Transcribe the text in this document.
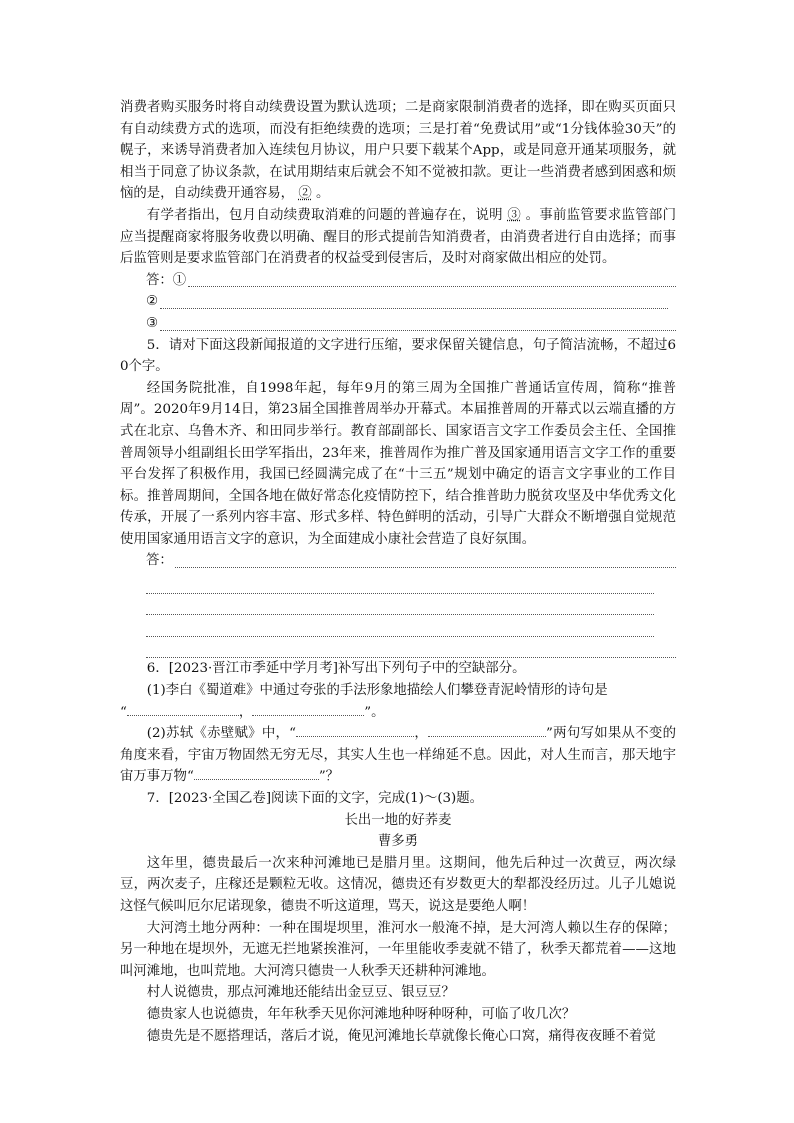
消费者购买服务时将自动续费设置为默认选项；二是商家限制消费者的选择，即在购买页面只有自动续费方式的选项，而没有拒绝续费的选项；三是打着“免费试用”或“1分钱体验30天”的幌子，来诱导消费者加入连续包月协议，用户只要下载某个App，或是同意开通某项服务，就相当于同意了协议条款，在试用期结束后就会不知不觉被扣款。更让一些消费者感到困惑和烦恼的是，自动续费开通容易， ② 。

有学者指出，包月自动续费取消难的问题的普遍存在，说明 ③ 。事前监管要求监管部门应当提醒商家将服务收费以明确、醒目的形式提前告知消费者，由消费者进行自由选择；而事后监管则是要求监管部门在消费者的权益受到侵害后，及时对商家做出相应的处罚。

答：①
②
③

5．请对下面这段新闻报道的文字进行压缩，要求保留关键信息，句子简洁流畅，不超过60个字。

经国务院批准，自1998年起，每年9月的第三周为全国推广普通话宣传周，简称“推普周”。2020年9月14日，第23届全国推普周举办开幕式。本届推普周的开幕式以云端直播的方式在北京、乌鲁木齐、和田同步举行。教育部副部长、国家语言文字工作委员会主任、全国推普周领导小组副组长田学军指出，23年来，推普周作为推广普及国家通用语言文字工作的重要平台发挥了积极作用，我国已经圆满完成了在“十三五”规划中确定的语言文字事业的工作目标。推普周期间，全国各地在做好常态化疫情防控下，结合推普助力脱贫攻坚及中华优秀文化传承，开展了一系列内容丰富、形式多样、特色鲜明的活动，引导广大群众不断增强自觉规范使用国家通用语言文字的意识，为全面建成小康社会营造了良好氛围。

答：

6．[2023·晋江市季延中学月考]补写出下列句子中的空缺部分。

(1)李白《蜀道难》中通过夸张的手法形象地描绘人们攀登青泥岭情形的诗句是

“	，	”。

(2)苏轼《赤壁赋》中，“	，	”两句写如果从不变的角度来看，宇宙万物固然无穷无尽，其实人生也一样绵延不息。因此，对人生而言，那天地宇宙万事万物“	”？

7．[2023·全国乙卷]阅读下面的文字，完成(1)～(3)题。

长出一地的好荞麦

曹多勇

这年里，德贵最后一次来种河滩地已是腊月里。这期间，他先后种过一次黄豆，两次绿豆，两次麦子，庄稼还是颗粒无收。这情况，德贵还有岁数更大的犁都没经历过。儿子儿媳说这怪气候叫厄尔尼诺现象，德贵不听这道理，骂天，说这是要绝人啊！

大河湾土地分两种：一种在围堤坝里，淮河水一般淹不掉，是大河湾人赖以生存的保障；另一种地在堤坝外，无遮无拦地紧挨淮河，一年里能收季麦就不错了，秋季天都荒着——这地叫河滩地，也叫荒地。大河湾只德贵一人秋季天还耕种河滩地。

村人说德贵，那点河滩地还能结出金豆豆、银豆豆？

德贵家人也说德贵，年年秋季天见你河滩地种呀种呀种，可临了收几次？

德贵先是不愿搭理话，落后才说，俺见河滩地长草就像长俺心口窝，痛得夜夜睡不着觉
